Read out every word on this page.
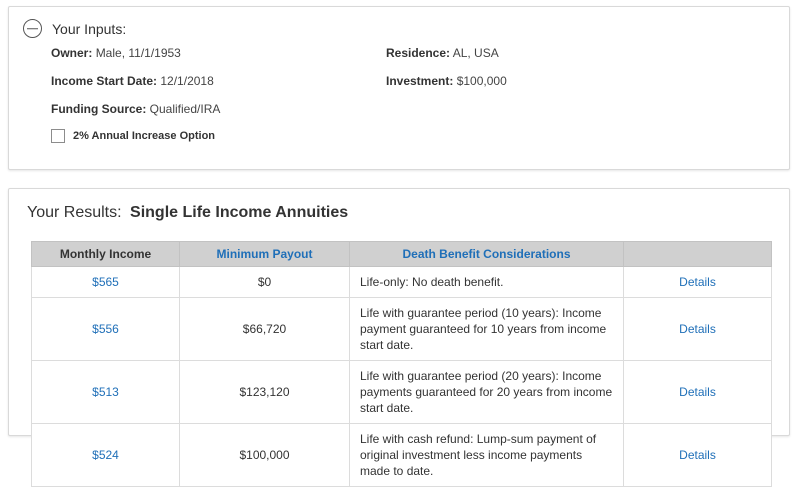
Your Inputs:
Owner: Male, 11/1/1953	Residence: AL, USA
Income Start Date: 12/1/2018	Investment: $100,000
Funding Source: Qualified/IRA
2% Annual Increase Option
Your Results: Single Life Income Annuities
Monthly Income	Minimum Payout	Death Benefit Considerations	
$565	$0	Life-only: No death benefit.	Details
$556	$66,720	Life with guarantee period (10 years): Income payment guaranteed for 10 years from income start date.	Details
$513	$123,120	Life with guarantee period (20 years): Income payments guaranteed for 20 years from income start date.	Details
$524	$100,000	Life with cash refund: Lump-sum payment of original investment less income payments made to date.	Details
